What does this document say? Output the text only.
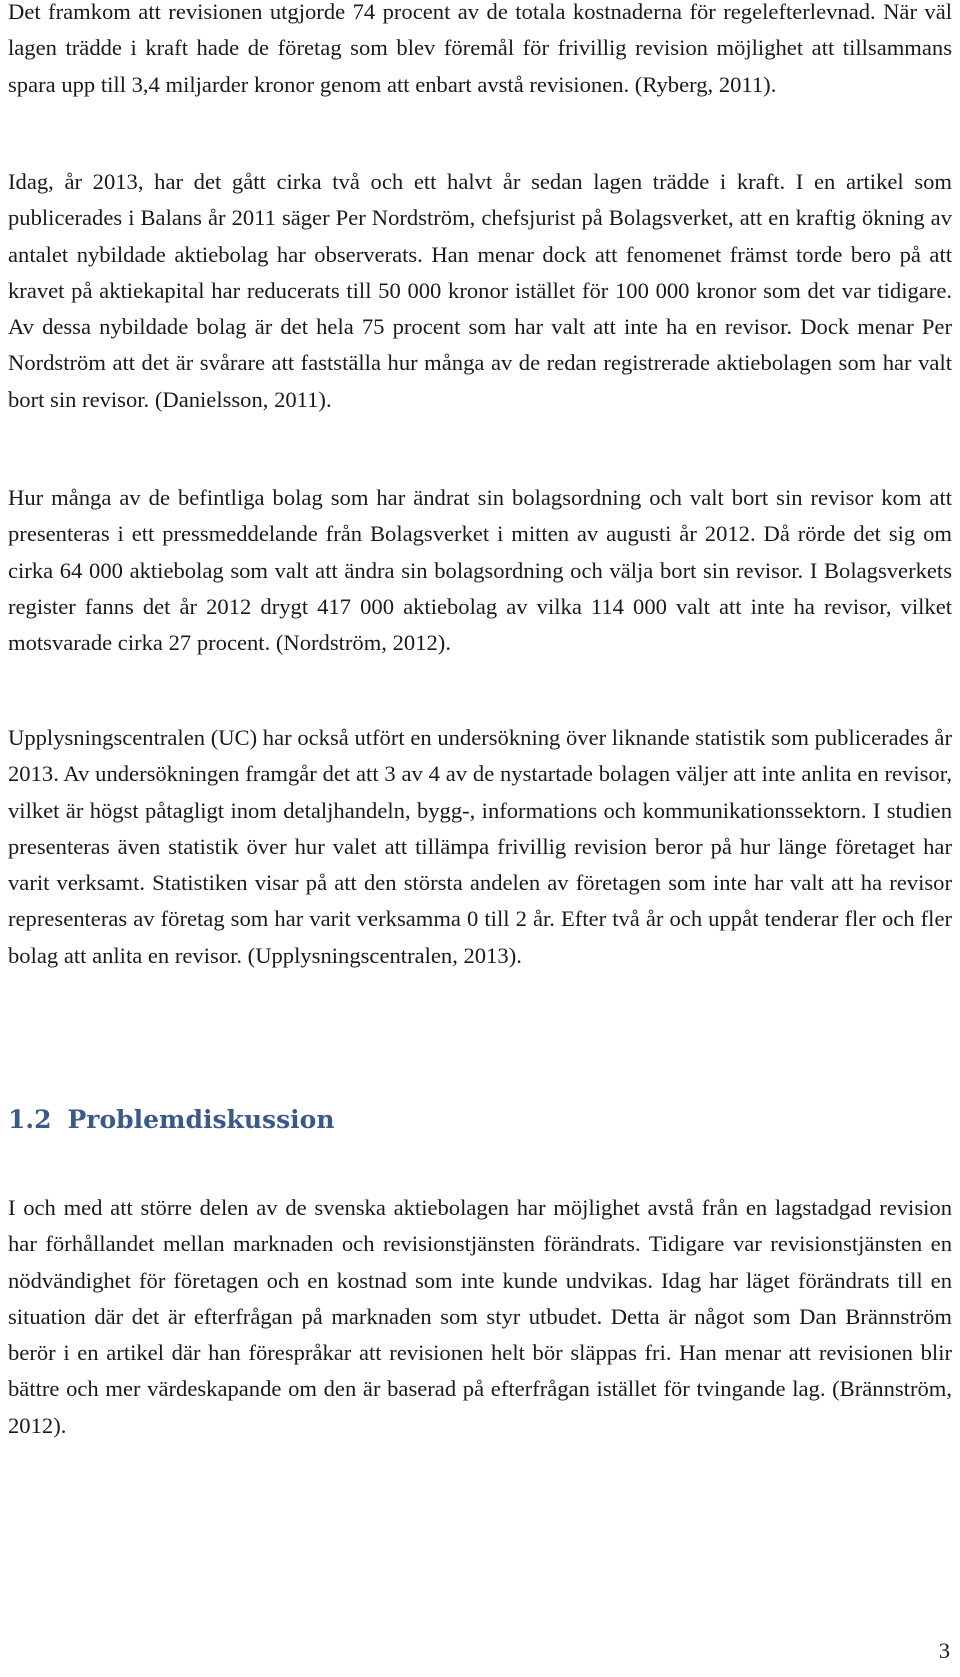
Det framkom att revisionen utgjorde 74 procent av de totala kostnaderna för regelefterlevnad. När väl lagen trädde i kraft hade de företag som blev föremål för frivillig revision möjlighet att tillsammans spara upp till 3,4 miljarder kronor genom att enbart avstå revisionen. (Ryberg, 2011).

Idag, år 2013, har det gått cirka två och ett halvt år sedan lagen trädde i kraft. I en artikel som publicerades i Balans år 2011 säger Per Nordström, chefsjurist på Bolagsverket, att en kraftig ökning av antalet nybildade aktiebolag har observerats. Han menar dock att fenomenet främst torde bero på att kravet på aktiekapital har reducerats till 50 000 kronor istället för 100 000 kronor som det var tidigare. Av dessa nybildade bolag är det hela 75 procent som har valt att inte ha en revisor. Dock menar Per Nordström att det är svårare att fastställa hur många av de redan registrerade aktiebolagen som har valt bort sin revisor. (Danielsson, 2011).

Hur många av de befintliga bolag som har ändrat sin bolagsordning och valt bort sin revisor kom att presenteras i ett pressmeddelande från Bolagsverket i mitten av augusti år 2012. Då rörde det sig om cirka 64 000 aktiebolag som valt att ändra sin bolagsordning och välja bort sin revisor. I Bolagsverkets register fanns det år 2012 drygt 417 000 aktiebolag av vilka 114 000 valt att inte ha revisor, vilket motsvarade cirka 27 procent. (Nordström, 2012).

Upplysningscentralen (UC) har också utfört en undersökning över liknande statistik som publicerades år 2013. Av undersökningen framgår det att 3 av 4 av de nystartade bolagen väljer att inte anlita en revisor, vilket är högst påtagligt inom detaljhandeln, bygg-, informations och kommunikationssektorn. I studien presenteras även statistik över hur valet att tillämpa frivillig revision beror på hur länge företaget har varit verksamt. Statistiken visar på att den största andelen av företagen som inte har valt att ha revisor representeras av företag som har varit verksamma 0 till 2 år. Efter två år och uppåt tenderar fler och fler bolag att anlita en revisor. (Upplysningscentralen, 2013).

1.2 Problemdiskussion

I och med att större delen av de svenska aktiebolagen har möjlighet avstå från en lagstadgad revision har förhållandet mellan marknaden och revisionstjänsten förändrats. Tidigare var revisionstjänsten en nödvändighet för företagen och en kostnad som inte kunde undvikas. Idag har läget förändrats till en situation där det är efterfrågan på marknaden som styr utbudet. Detta är något som Dan Brännström berör i en artikel där han förespråkar att revisionen helt bör släppas fri. Han menar att revisionen blir bättre och mer värdeskapande om den är baserad på efterfrågan istället för tvingande lag. (Brännström, 2012).

3
